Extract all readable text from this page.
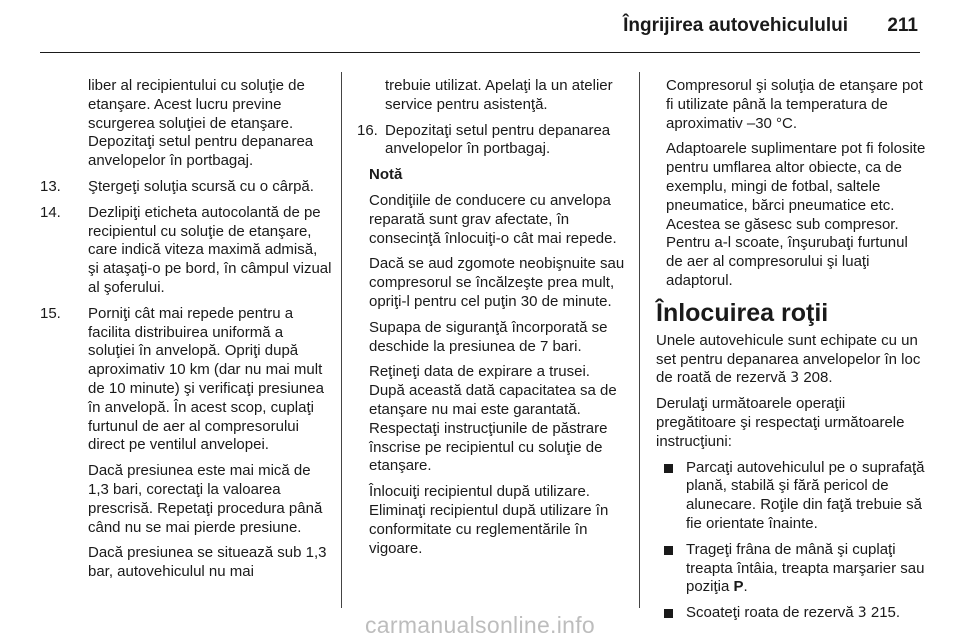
Îngrijirea autovehiculului 211

liber al recipientului cu soluţie de etanşare. Acest lucru previne scurgerea soluţiei de etanşare. Depozitaţi setul pentru depanarea anvelopelor în portbagaj.

13. Ştergeţi soluţia scursă cu o cârpă.

14. Dezlipiţi eticheta autocolantă de pe recipientul cu soluţie de etanşare, care indică viteza maximă admisă, şi ataşaţi-o pe bord, în câmpul vizual al şoferului.

15. Porniţi cât mai repede pentru a facilita distribuirea uniformă a soluţiei în anvelopă. Opriţi după aproximativ 10 km (dar nu mai mult de 10 minute) şi verificaţi presiunea în anvelopă. În acest scop, cuplaţi furtunul de aer al compresorului direct pe ventilul anvelopei.

Dacă presiunea este mai mică de 1,3 bari, corectaţi la valoarea prescrisă. Repetaţi procedura până când nu se mai pierde presiune.

Dacă presiunea se situează sub 1,3 bar, autovehiculul nu mai

trebuie utilizat. Apelaţi la un atelier service pentru asistenţă.

16. Depozitaţi setul pentru depanarea anvelopelor în portbagaj.

Notă

Condiţiile de conducere cu anvelopa reparată sunt grav afectate, în consecinţă înlocuiţi-o cât mai repede.

Dacă se aud zgomote neobişnuite sau compresorul se încălzeşte prea mult, opriţi-l pentru cel puţin 30 de minute.

Supapa de siguranţă încorporată se deschide la presiunea de 7 bari.

Reţineţi data de expirare a trusei. După această dată capacitatea sa de etanşare nu mai este garantată. Respectaţi instrucţiunile de păstrare înscrise pe recipientul cu soluţie de etanşare.

Înlocuiţi recipientul după utilizare. Eliminaţi recipientul după utilizare în conformitate cu reglementările în vigoare.

Compresorul şi soluţia de etanşare pot fi utilizate până la temperatura de aproximativ –30 °C.

Adaptoarele suplimentare pot fi folosite pentru umflarea altor obiecte, ca de exemplu, mingi de fotbal, saltele pneumatice, bărci pneumatice etc. Acestea se găsesc sub compresor. Pentru a-l scoate, înşurubaţi furtunul de aer al compresorului şi luaţi adaptorul.

Înlocuirea roţii

Unele autovehicule sunt echipate cu un set pentru depanarea anvelopelor în loc de roată de rezervă 3 208.

Derulaţi următoarele operaţii pregătitoare şi respectaţi următoarele instrucţiuni:

Parcaţi autovehiculul pe o suprafaţă plană, stabilă şi fără pericol de alunecare. Roţile din faţă trebuie să fie orientate înainte.
Trageţi frâna de mână şi cuplaţi treapta întâia, treapta marşarier sau poziţia P.
Scoateţi roata de rezervă 3 215.
carmanualsonline.info
